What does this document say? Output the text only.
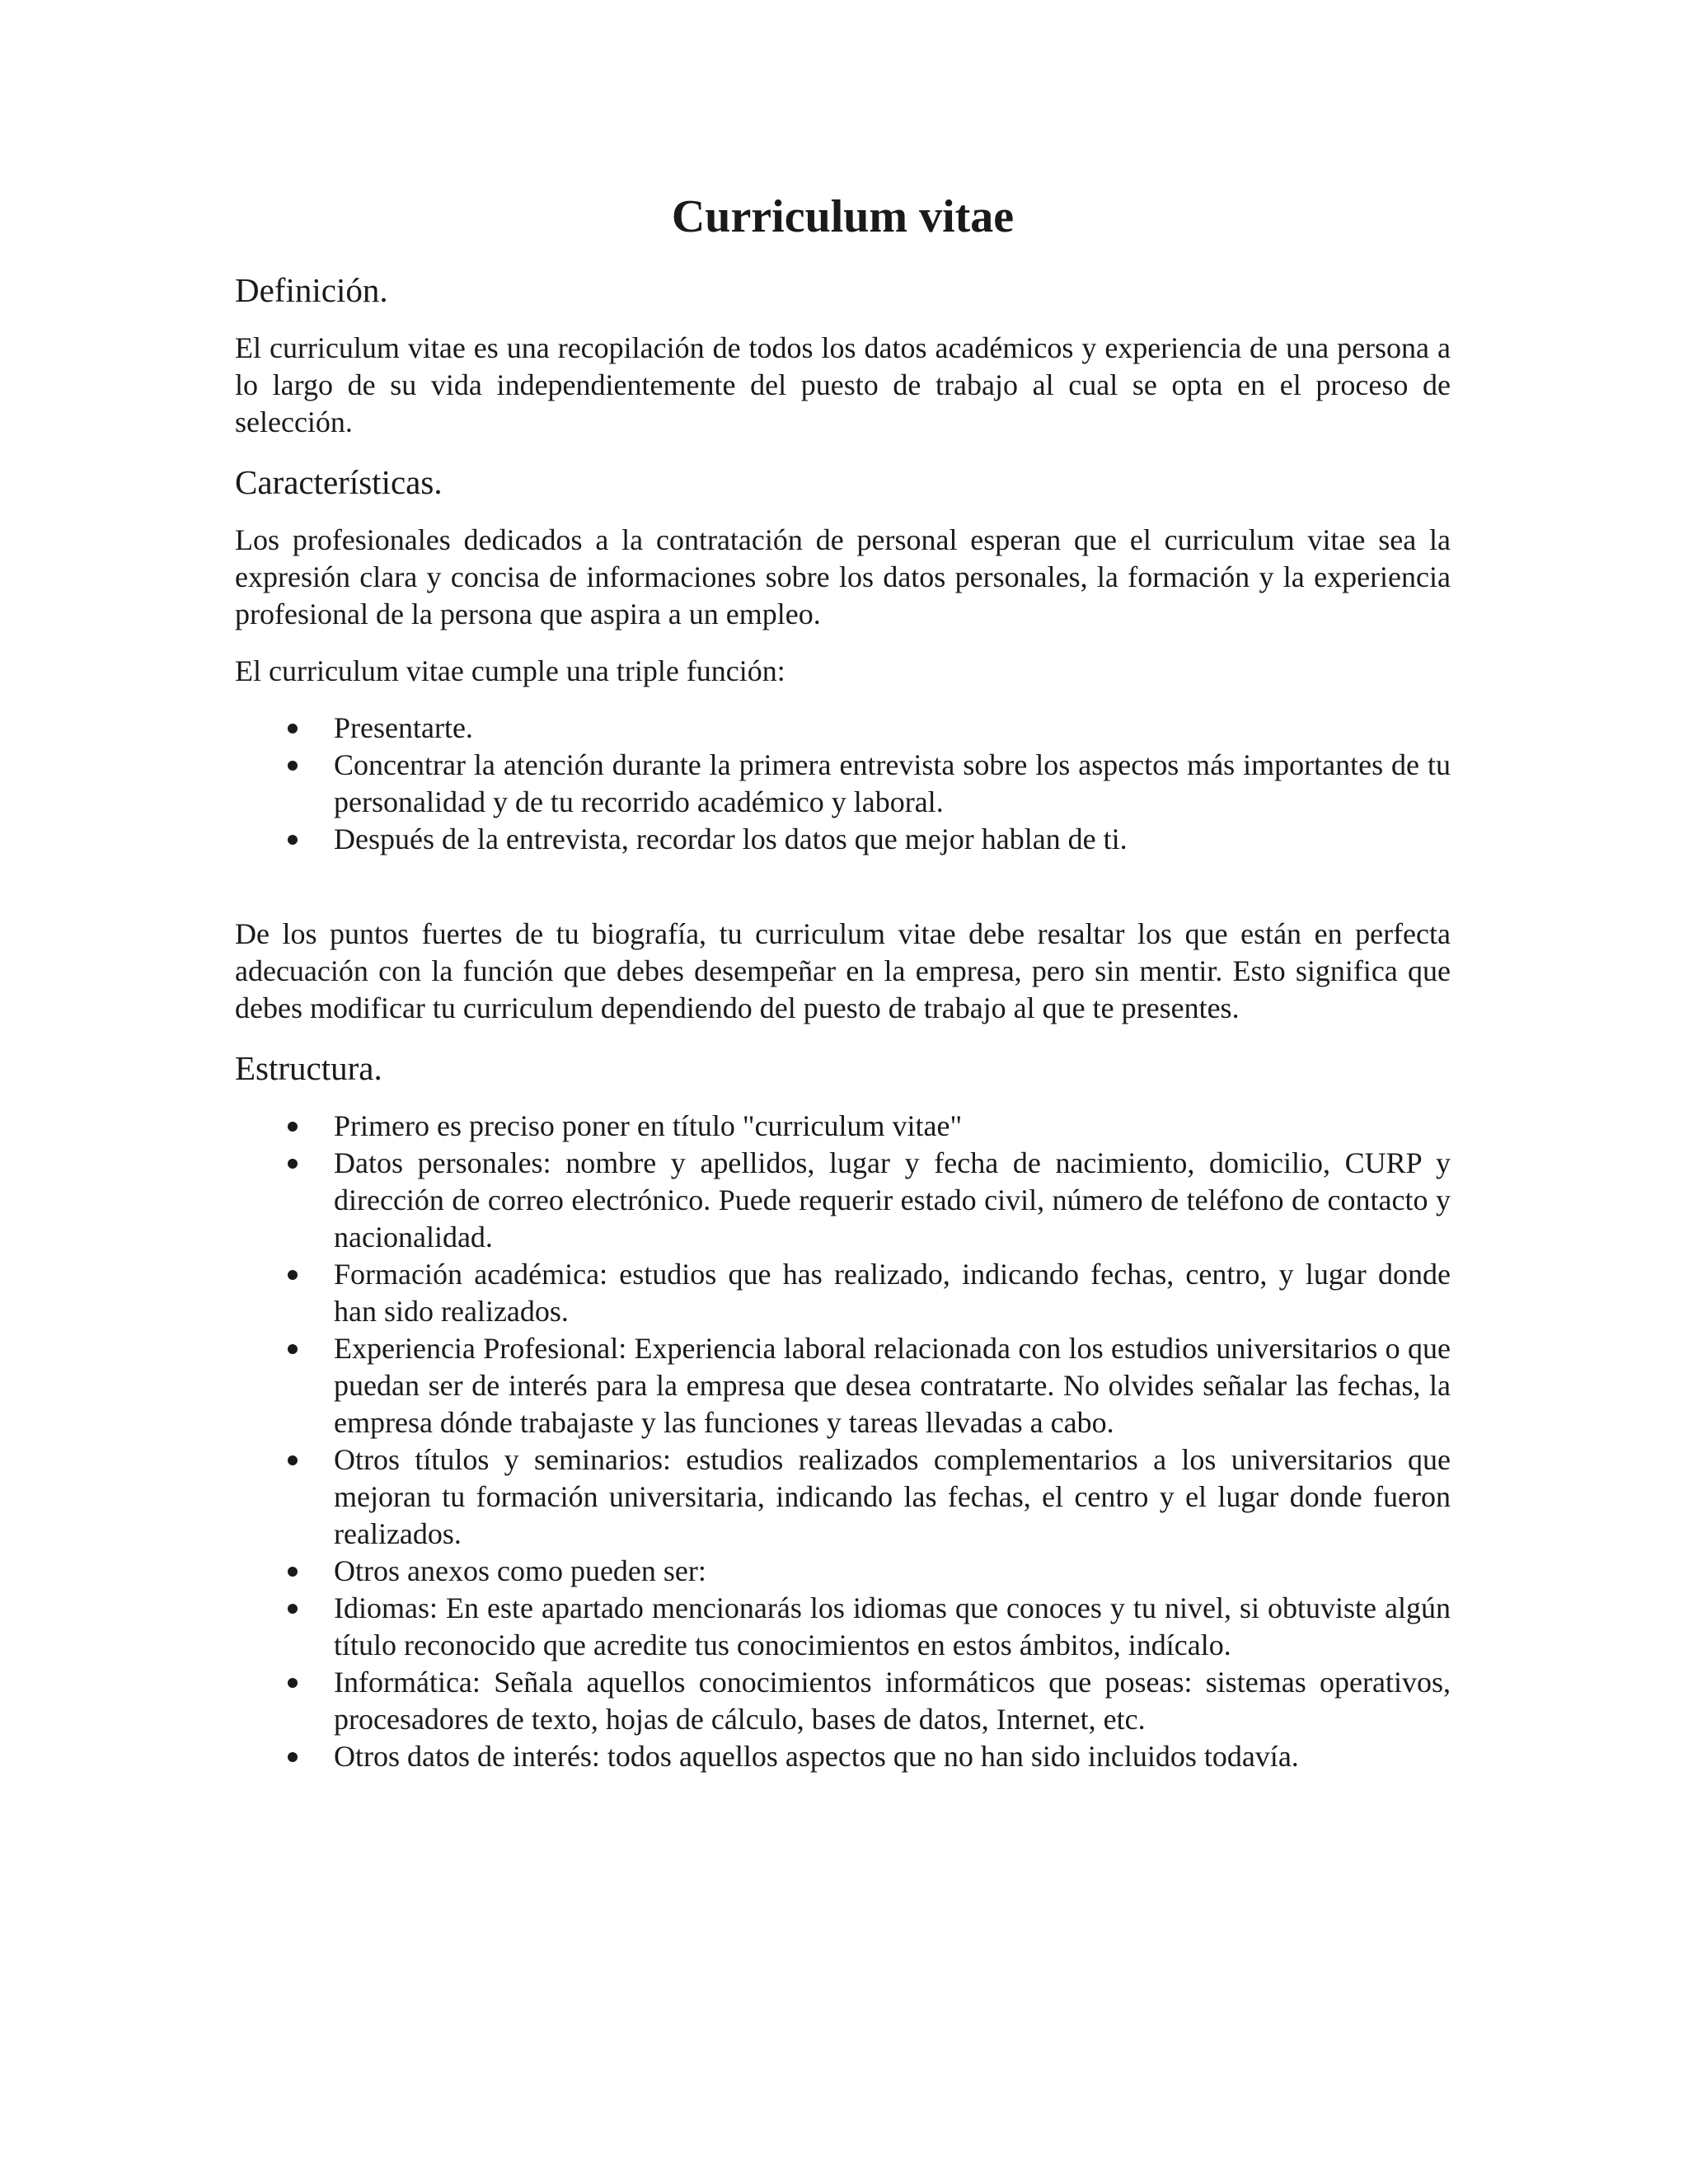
Curriculum vitae
Definición.

El curriculum vitae es una recopilación de todos los datos académicos y experiencia de una persona a lo largo de su vida independientemente del puesto de trabajo al cual se opta en el proceso de selección.

Características.

Los profesionales dedicados a la contratación de personal esperan que el curriculum vitae sea la expresión clara y concisa de informaciones sobre los datos personales, la formación y la experiencia profesional de la persona que aspira a un empleo.

El curriculum vitae cumple una triple función:

Presentarte.
Concentrar la atención durante la primera entrevista sobre los aspectos más importantes de tu personalidad y de tu recorrido académico y laboral.
Después de la entrevista, recordar los datos que mejor hablan de ti.

De los puntos fuertes de tu biografía, tu curriculum vitae debe resaltar los que están en perfecta adecuación con la función que debes desempeñar en la empresa, pero sin mentir. Esto significa que debes modificar tu curriculum dependiendo del puesto de trabajo al que te presentes.

Estructura.
Primero es preciso poner en título "curriculum vitae"
Datos personales: nombre y apellidos, lugar y fecha de nacimiento, domicilio, CURP y dirección de correo electrónico. Puede requerir estado civil, número de teléfono de contacto y nacionalidad.
Formación académica: estudios que has realizado, indicando fechas, centro, y lugar donde han sido realizados.
Experiencia Profesional: Experiencia laboral relacionada con los estudios universitarios o que puedan ser de interés para la empresa que desea contratarte. No olvides señalar las fechas, la empresa dónde trabajaste y las funciones y tareas llevadas a cabo.
Otros títulos y seminarios: estudios realizados complementarios a los universitarios que mejoran tu formación universitaria, indicando las fechas, el centro y el lugar donde fueron realizados.
Otros anexos como pueden ser:
Idiomas: En este apartado mencionarás los idiomas que conoces y tu nivel, si obtuviste algún título reconocido que acredite tus conocimientos en estos ámbitos, indícalo.
Informática: Señala aquellos conocimientos informáticos que poseas: sistemas operativos, procesadores de texto, hojas de cálculo, bases de datos, Internet, etc.
Otros datos de interés: todos aquellos aspectos que no han sido incluidos todavía.
